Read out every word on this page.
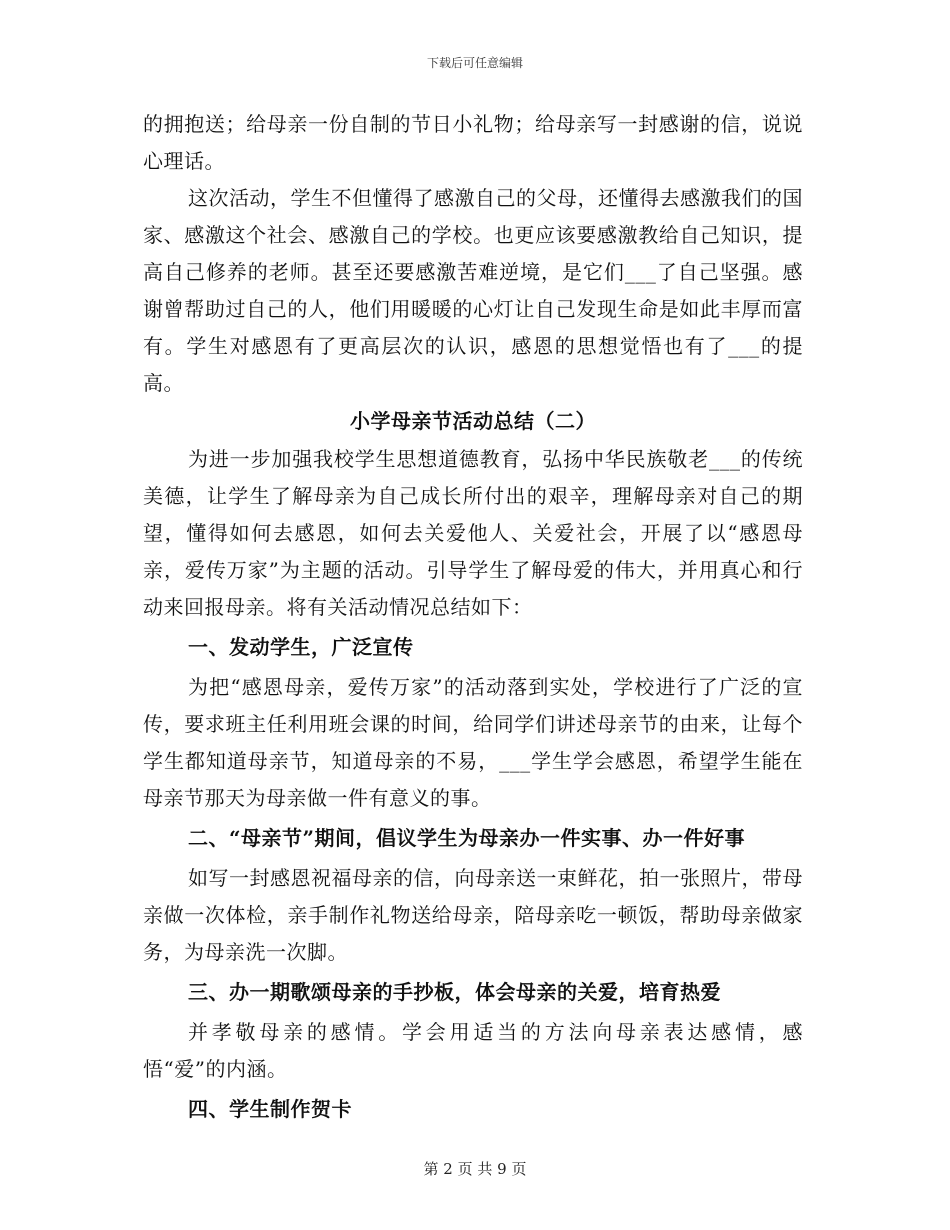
下载后可任意编辑

的拥抱送；给母亲一份自制的节日小礼物；给母亲写一封感谢的信，说说心理话。

这次活动，学生不但懂得了感激自己的父母，还懂得去感激我们的国家、感激这个社会、感激自己的学校。也更应该要感激教给自己知识，提高自己修养的老师。甚至还要感激苦难逆境，是它们___了自己坚强。感谢曾帮助过自己的人，他们用暖暖的心灯让自己发现生命是如此丰厚而富有。学生对感恩有了更高层次的认识，感恩的思想觉悟也有了___的提高。

小学母亲节活动总结（二）

为进一步加强我校学生思想道德教育，弘扬中华民族敬老___的传统美德，让学生了解母亲为自己成长所付出的艰辛，理解母亲对自己的期望，懂得如何去感恩，如何去关爱他人、关爱社会，开展了以“感恩母亲，爱传万家”为主题的活动。引导学生了解母爱的伟大，并用真心和行动来回报母亲。将有关活动情况总结如下：

一、发动学生，广泛宣传

为把“感恩母亲，爱传万家”的活动落到实处，学校进行了广泛的宣传，要求班主任利用班会课的时间，给同学们讲述母亲节的由来，让每个学生都知道母亲节，知道母亲的不易，___学生学会感恩，希望学生能在母亲节那天为母亲做一件有意义的事。

二、“母亲节”期间，倡议学生为母亲办一件实事、办一件好事

如写一封感恩祝福母亲的信，向母亲送一束鲜花，拍一张照片，带母亲做一次体检，亲手制作礼物送给母亲，陪母亲吃一顿饭，帮助母亲做家务，为母亲洗一次脚。

三、办一期歌颂母亲的手抄板，体会母亲的关爱，培育热爱

并孝敬母亲的感情。学会用适当的方法向母亲表达感情，感悟“爱”的内涵。

四、学生制作贺卡

第 2 页 共 9 页
